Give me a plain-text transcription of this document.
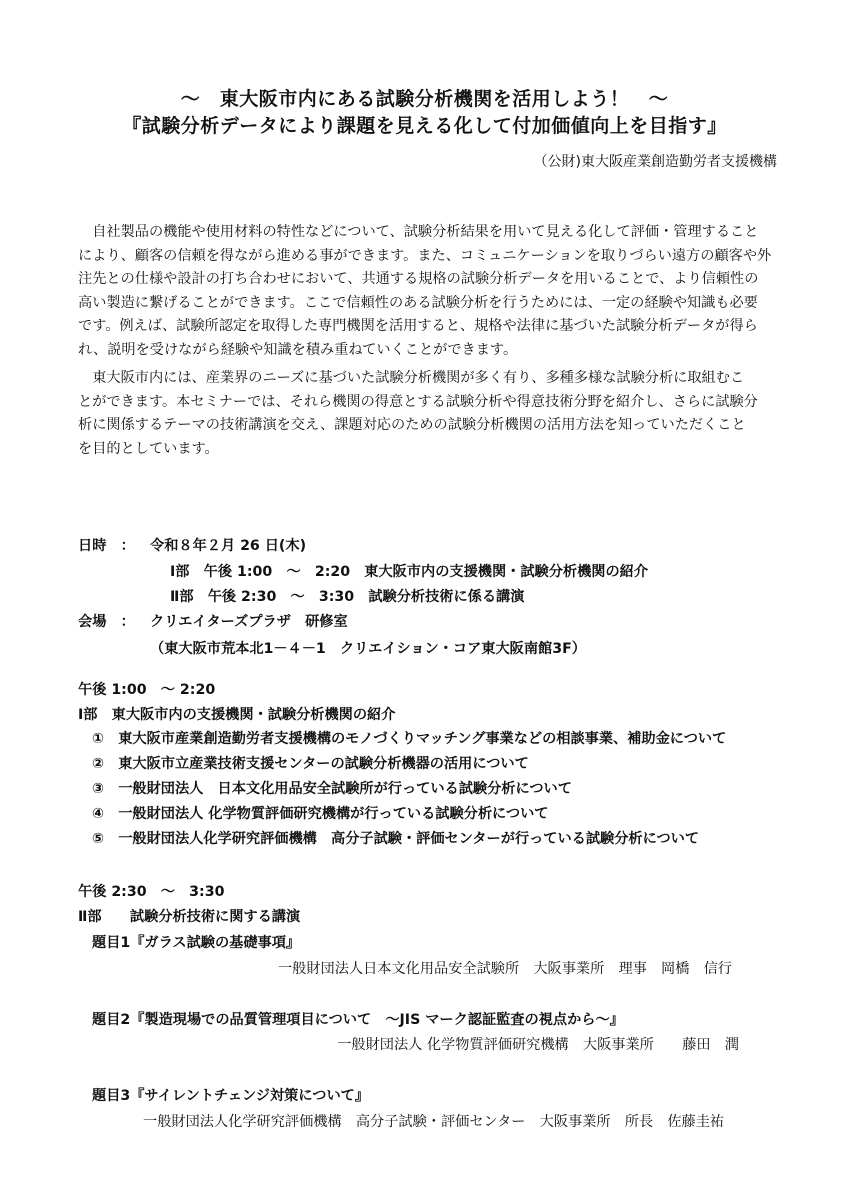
～　東大阪市内にある試験分析機関を活用しよう！　～
『試験分析データにより課題を見える化して付加価値向上を目指す』
（公財)東大阪産業創造勤労者支援機構
　自社製品の機能や使用材料の特性などについて、試験分析結果を用いて見える化して評価・管理すること
により、顧客の信頼を得ながら進める事ができます。また、コミュニケーションを取りづらい遠方の顧客や外
注先との仕様や設計の打ち合わせにおいて、共通する規格の試験分析データを用いることで、より信頼性の
高い製造に繋げることができます。ここで信頼性のある試験分析を行うためには、一定の経験や知識も必要
です。例えば、試験所認定を取得した専門機関を活用すると、規格や法律に基づいた試験分析データが得ら
れ、説明を受けながら経験や知識を積み重ねていくことができます。
　東大阪市内には、産業界のニーズに基づいた試験分析機関が多く有り、多種多様な試験分析に取組むこ
とができます。本セミナーでは、それら機関の得意とする試験分析や得意技術分野を紹介し、さらに試験分
析に関係するテーマの技術講演を交え、課題対応のための試験分析機関の活用方法を知っていただくこと
を目的としています。
日時　： 令和８年２月 26 日(木)
Ⅰ部　午後 1:00　～　2:20　東大阪市内の支援機関・試験分析機関の紹介
Ⅱ部　午後 2:30　～　3:30　試験分析技術に係る講演
会場　： クリエイターズプラザ　研修室
（東大阪市荒本北1－４－1　クリエイション・コア東大阪南館3F）
午後 1:00　～ 2:20
Ⅰ部　東大阪市内の支援機関・試験分析機関の紹介
①　東大阪市産業創造勤労者支援機構のモノづくりマッチング事業などの相談事業、補助金について
②　東大阪市立産業技術支援センターの試験分析機器の活用について
③　一般財団法人　日本文化用品安全試験所が行っている試験分析について
④　一般財団法人 化学物質評価研究機構が行っている試験分析について
⑤　一般財団法人化学研究評価機構　高分子試験・評価センターが行っている試験分析について
午後 2:30　～　3:30
Ⅱ部　　試験分析技術に関する講演
題目1『ガラス試験の基礎事項』
一般財団法人日本文化用品安全試験所　大阪事業所　理事　岡橋　信行
題目2『製造現場での品質管理項目について　～JIS マーク認証監査の視点から～』
一般財団法人 化学物質評価研究機構　大阪事業所　　藤田　潤
題目3『サイレントチェンジ対策について』
一般財団法人化学研究評価機構　高分子試験・評価センター　大阪事業所　所長　佐藤圭祐
